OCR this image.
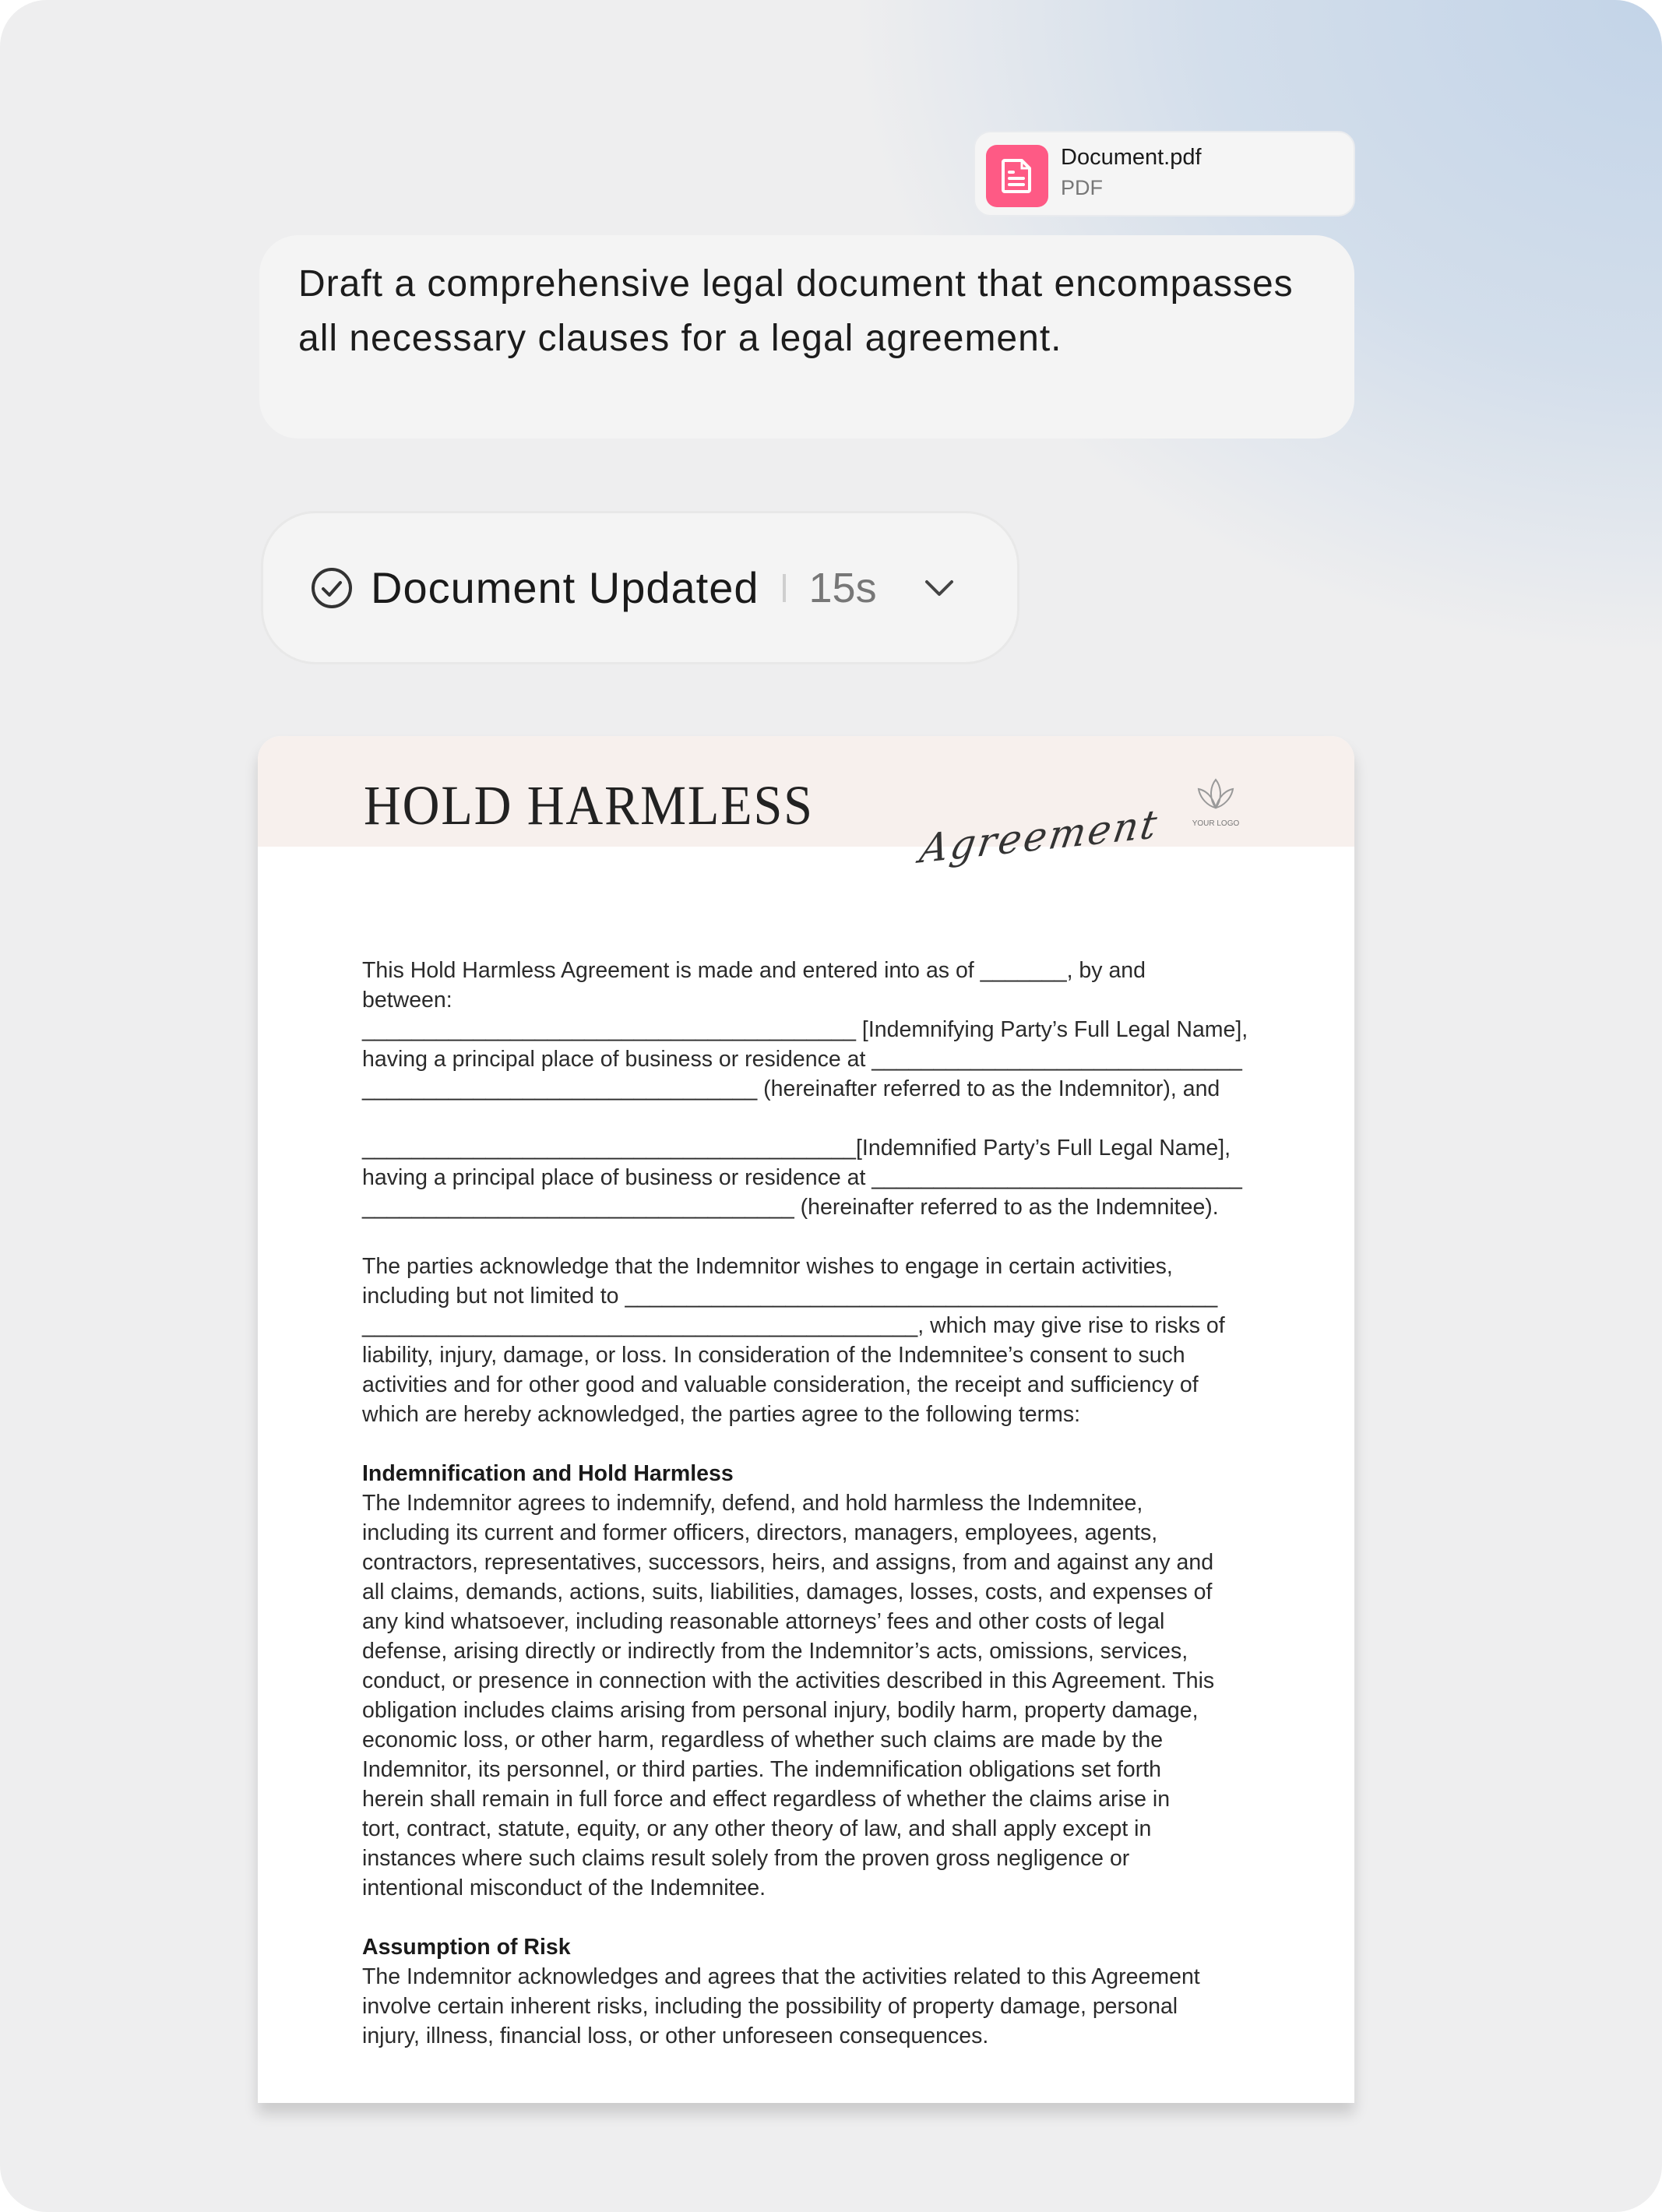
Document.pdf
PDF
Draft a comprehensive legal document that encompasses all necessary clauses for a legal agreement.
Document Updated 15s
HOLD HARMLESS	Agreement	YOUR LOGO
This Hold Harmless Agreement is made and entered into as of _______, by and
between:
________________________________________ [Indemnifying Party’s Full Legal Name],
having a principal place of business or residence at ______________________________
________________________________ (hereinafter referred to as the Indemnitor), and
________________________________________[Indemnified Party’s Full Legal Name],
having a principal place of business or residence at ______________________________
___________________________________ (hereinafter referred to as the Indemnitee).
The parties acknowledge that the Indemnitor wishes to engage in certain activities,
including but not limited to ________________________________________________
_____________________________________________, which may give rise to risks of
liability, injury, damage, or loss. In consideration of the Indemnitee’s consent to such
activities and for other good and valuable consideration, the receipt and sufficiency of
which are hereby acknowledged, the parties agree to the following terms:
Indemnification and Hold Harmless
The Indemnitor agrees to indemnify, defend, and hold harmless the Indemnitee,
including its current and former officers, directors, managers, employees, agents,
contractors, representatives, successors, heirs, and assigns, from and against any and
all claims, demands, actions, suits, liabilities, damages, losses, costs, and expenses of
any kind whatsoever, including reasonable attorneys’ fees and other costs of legal
defense, arising directly or indirectly from the Indemnitor’s acts, omissions, services,
conduct, or presence in connection with the activities described in this Agreement. This
obligation includes claims arising from personal injury, bodily harm, property damage,
economic loss, or other harm, regardless of whether such claims are made by the
Indemnitor, its personnel, or third parties. The indemnification obligations set forth
herein shall remain in full force and effect regardless of whether the claims arise in
tort, contract, statute, equity, or any other theory of law, and shall apply except in
instances where such claims result solely from the proven gross negligence or
intentional misconduct of the Indemnitee.
Assumption of Risk
The Indemnitor acknowledges and agrees that the activities related to this Agreement
involve certain inherent risks, including the possibility of property damage, personal
injury, illness, financial loss, or other unforeseen consequences.
